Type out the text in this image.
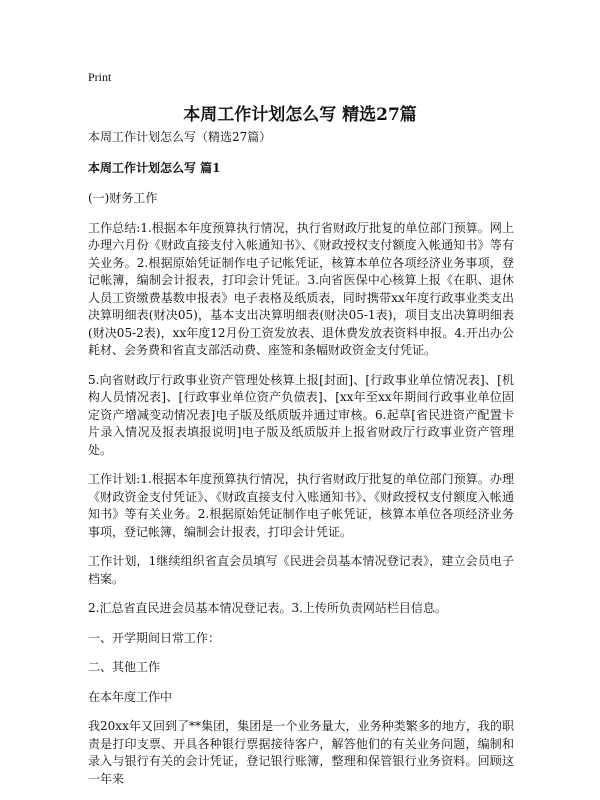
Print
本周工作计划怎么写 精选27篇

本周工作计划怎么写（精选27篇）

本周工作计划怎么写 篇1

(一)财务工作

工作总结:1.根据本年度预算执行情况，执行省财政厅批复的单位部门预算。网上办理六月份《财政直接支付入帐通知书》、《财政授权支付额度入帐通知书》等有关业务。2.根据原始凭证制作电子记帐凭证，核算本单位各项经济业务事项，登记帐簿，编制会计报表，打印会计凭证。3.向省医保中心核算上报《在职、退休人员工资缴费基数申报表》电子表格及纸质表，同时携带xx年度行政事业类支出决算明细表(财决05)，基本支出决算明细表(财决05-1表)，项目支出决算明细表(财决05-2表)，xx年度12月份工资发放表、退休费发放表资料申报。4.开出办公耗材、会务费和省直支部活动费、座签和条幅财政资金支付凭证。

5.向省财政厅行政事业资产管理处核算上报[封面]、[行政事业单位情况表]、[机构人员情况表]、[行政事业单位资产负债表]、[xx年至xx年期间行政事业单位固定资产增减变动情况表]电子版及纸质版并通过审核。6.起草[省民进资产配置卡片录入情况及报表填报说明]电子版及纸质版并上报省财政厅行政事业资产管理处。

工作计划:1.根据本年度预算执行情况，执行省财政厅批复的单位部门预算。办理《财政资金支付凭证》、《财政直接支付入账通知书》、《财政授权支付额度入帐通知书》等有关业务。2.根据原始凭证制作电子帐凭证，核算本单位各项经济业务事项，登记帐簿，编制会计报表，打印会计凭证。

工作计划，1继续组织省直会员填写《民进会员基本情况登记表》，建立会员电子档案。

2.汇总省直民进会员基本情况登记表。3.上传所负责网站栏目信息。

一、开学期间日常工作：

二、其他工作

在本年度工作中

我20xx年又回到了**集团，集团是一个业务量大，业务种类繁多的地方，我的职责是打印支票、开具各种银行票据接待客户，解答他们的有关业务问题，编制和录入与银行有关的会计凭证，登记银行账簿，整理和保管银行业务资料。回顾这一年来
